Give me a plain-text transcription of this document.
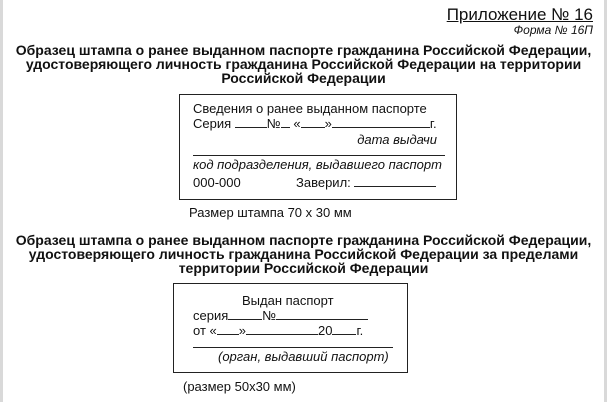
Приложение № 16
Форма № 16П
Образец штампа о ранее выданном паспорте гражданина Российской Федерации,
удостоверяющего личность гражданина Российской Федерации на территории
Российской Федерации
Сведения о ранее выданном паспорте
Серия	№ « »	г.
дата выдачи
код подразделения, выдавшего паспорт
000-000	Заверил:
Размер штампа 70 х 30 мм
Образец штампа о ранее выданном паспорте гражданина Российской Федерации,
удостоверяющего личность гражданина Российской Федерации за пределами
территории Российской Федерации
Выдан паспорт
серия	№
от « »	20 г.
(орган, выдавший паспорт)
(размер 50х30 мм)
